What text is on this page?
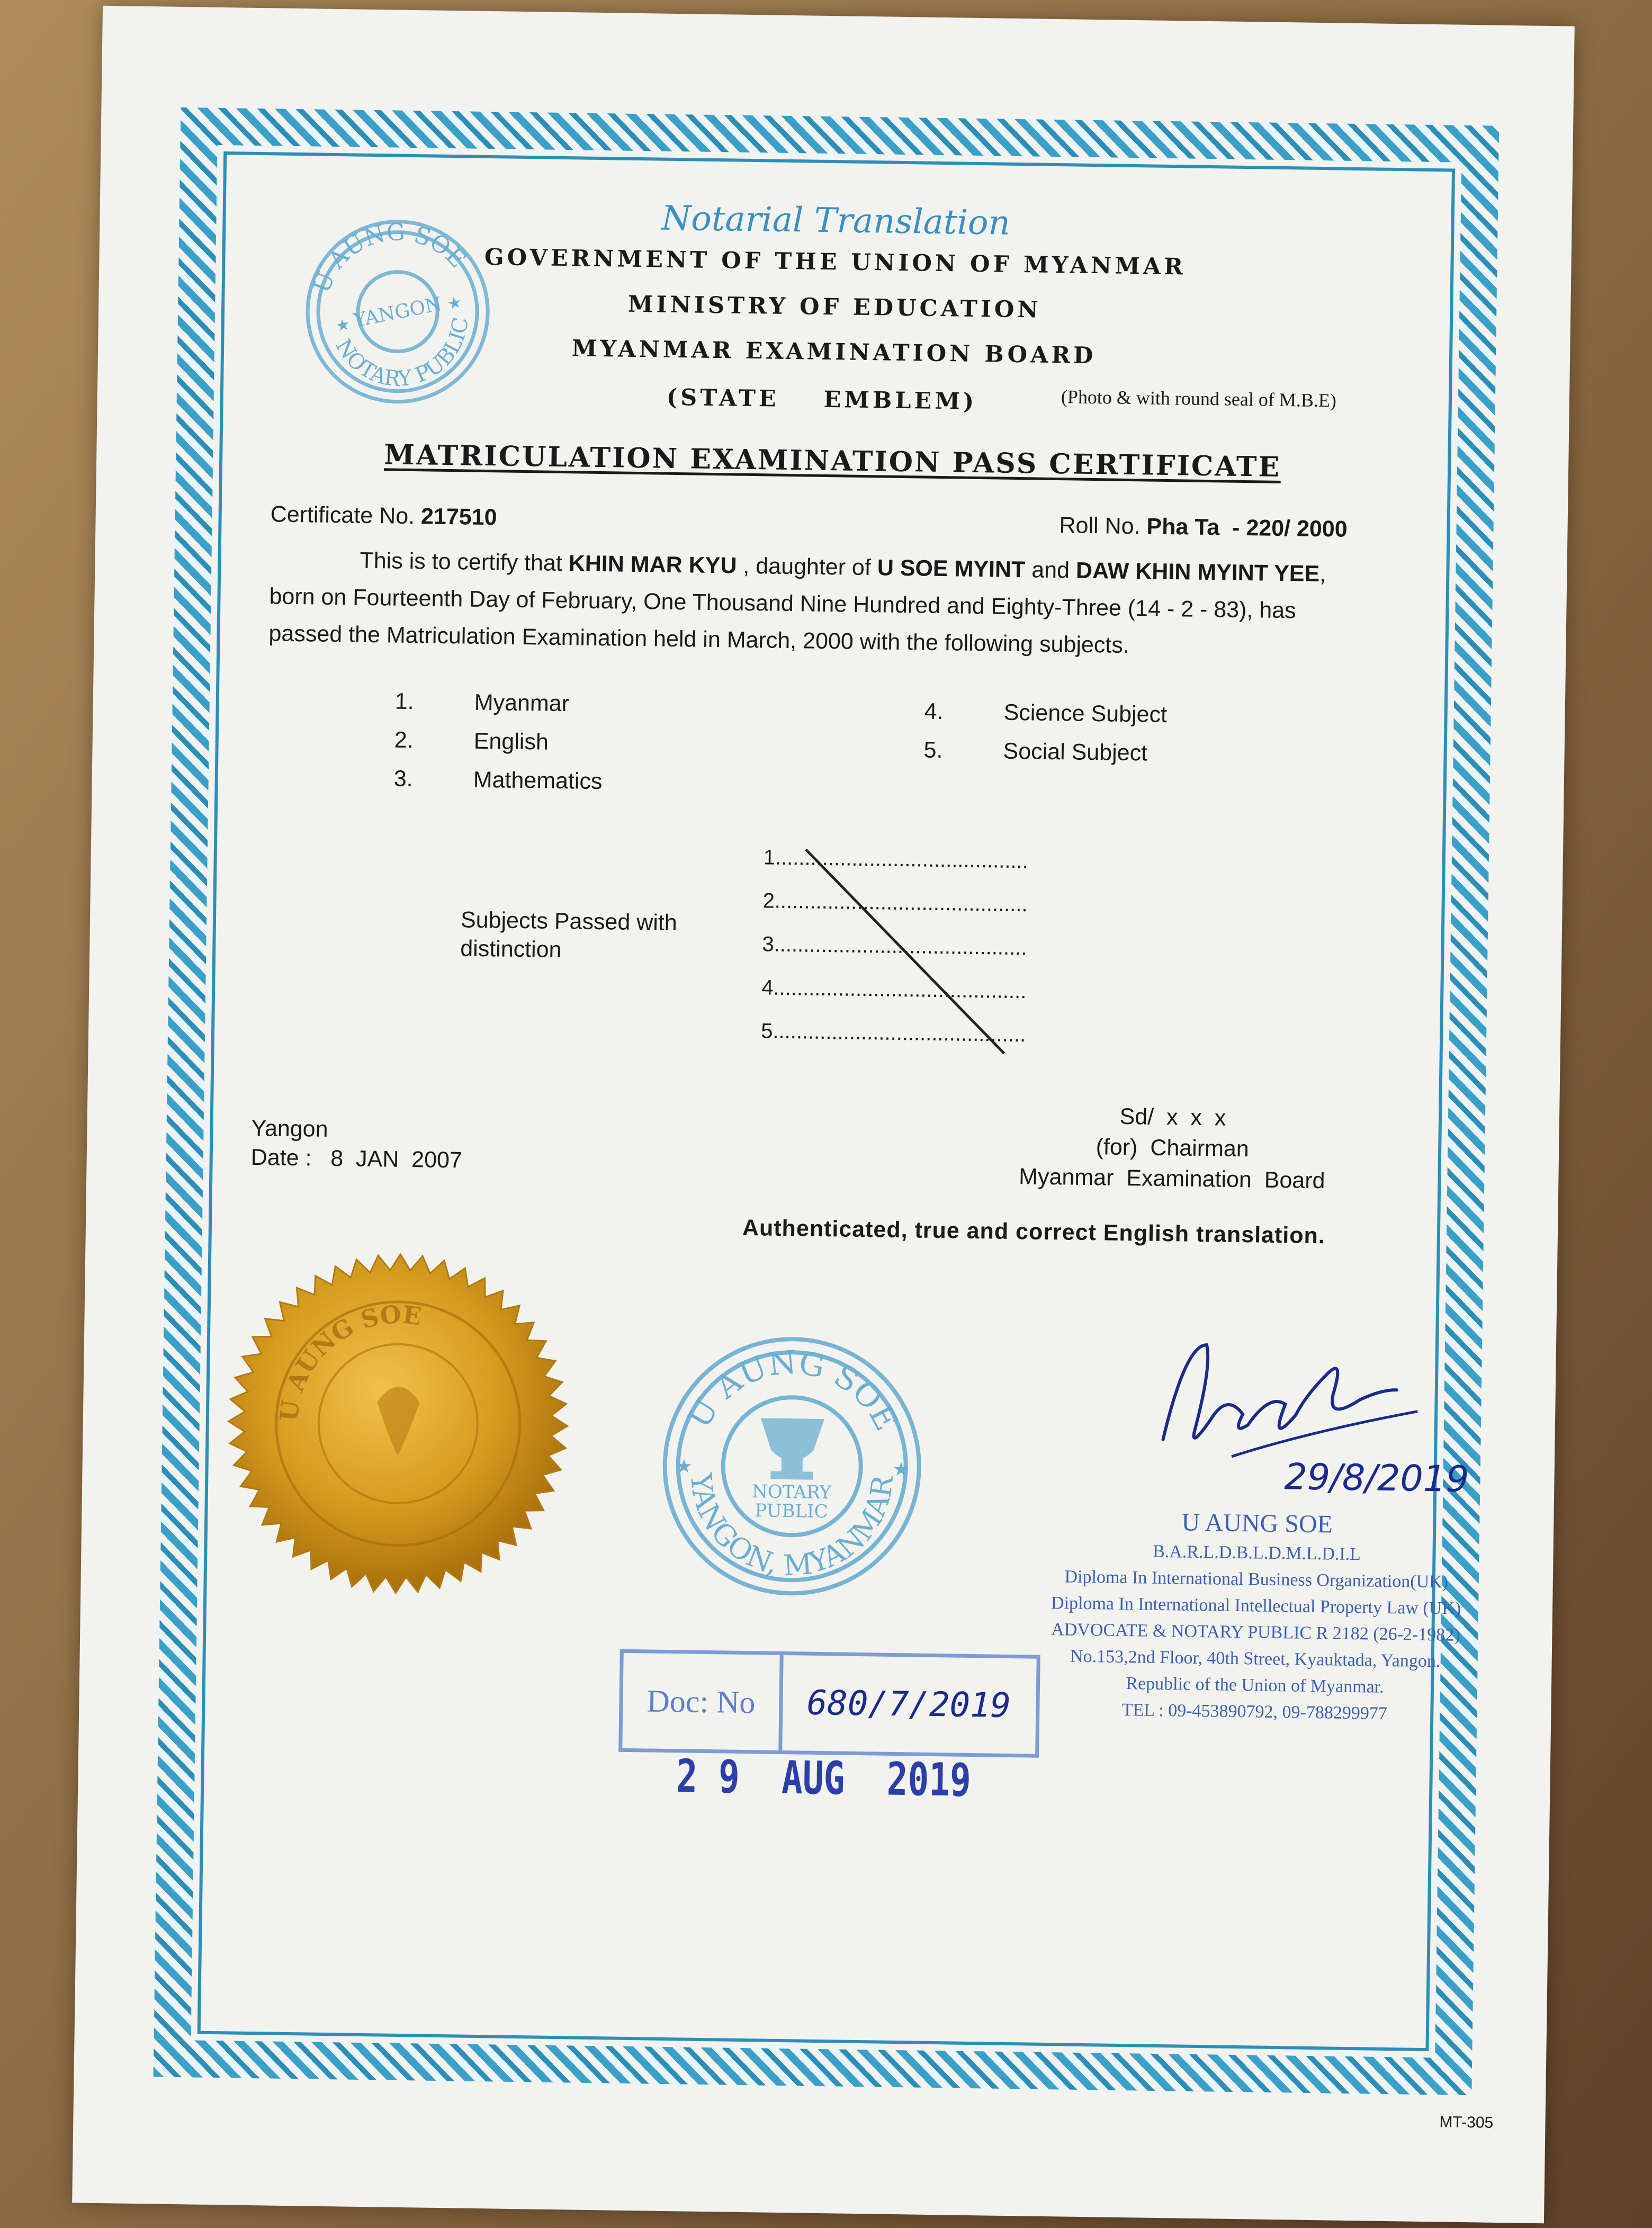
U AUNG SOE
NOTARY PUBLIC
YANGON
★
★
Notarial Translation
GOVERNMENT OF THE UNION OF MYANMAR
MINISTRY OF EDUCATION
MYANMAR EXAMINATION BOARD
(STATE    EMBLEM)	(Photo & with round seal of M.B.E)
MATRICULATION EXAMINATION PASS CERTIFICATE
Certificate No. 217510	Roll No. Pha Ta  - 220/ 2000
This is to certify that KHIN MAR KYU , daughter of U SOE MYINT and DAW KHIN MYINT YEE,
born on Fourteenth Day of February, One Thousand Nine Hundred and Eighty-Three (14 - 2 - 83), has
passed the Matriculation Examination held in March, 2000 with the following subjects.
1.	Myanmar
2.	English
3.	Mathematics
4.	Science Subject
5.	Social Subject
Subjects Passed with
distinction
1...........................................
2...........................................
3...........................................
4...........................................
5...........................................
Yangon
Date : 8  JAN  2007
Sd/  x  x  x
(for)  Chairman
Myanmar  Examination  Board
Authenticated, true and correct English translation.
U AUNG SOE
U AUNG SOE
YANGON, MYANMAR
NOTARY
PUBLIC
★	★
Doc: No	680/7/2019
2 9  AUG  2019
29/8/2019
U AUNG SOE
B.A.R.L.D.B.L.D.M.L.D.I.L
Diploma In International Business Organization(UK)
Diploma In International Intellectual Property Law (UK)
ADVOCATE & NOTARY PUBLIC R 2182 (26-2-1982)
No.153,2nd Floor, 40th Street, Kyauktada, Yangon.
Republic of the Union of Myanmar.
TEL : 09-453890792, 09-788299977
MT-305
